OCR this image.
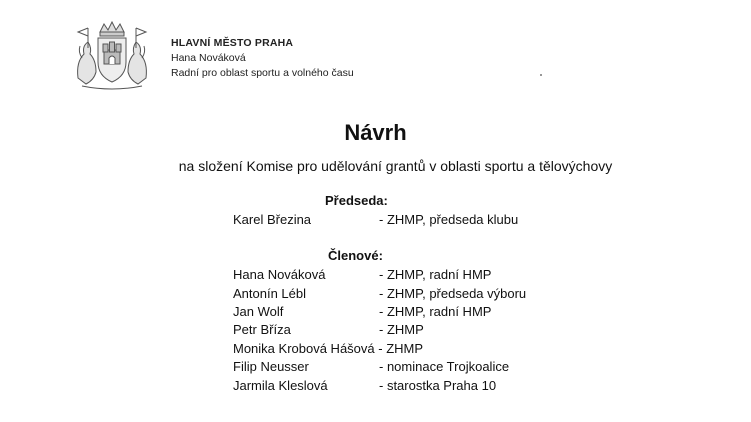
HLAVNÍ MĚSTO PRAHA
Hana Nováková
Radní pro oblast sportu a volného času
Návrh
na složení Komise pro udělování grantů v oblasti sportu a tělovýchovy
Předseda:
Karel Březina	- ZHMP, předseda klubu
Členové:
Hana Nováková	- ZHMP, radní HMP
Antonín Lébl	- ZHMP, předseda výboru
Jan Wolf	- ZHMP, radní HMP
Petr Bříza	- ZHMP
Monika Krobová Hášová - ZHMP
Filip Neusser	- nominace Trojkoalice
Jarmila Kleslová	- starostka Praha 10
